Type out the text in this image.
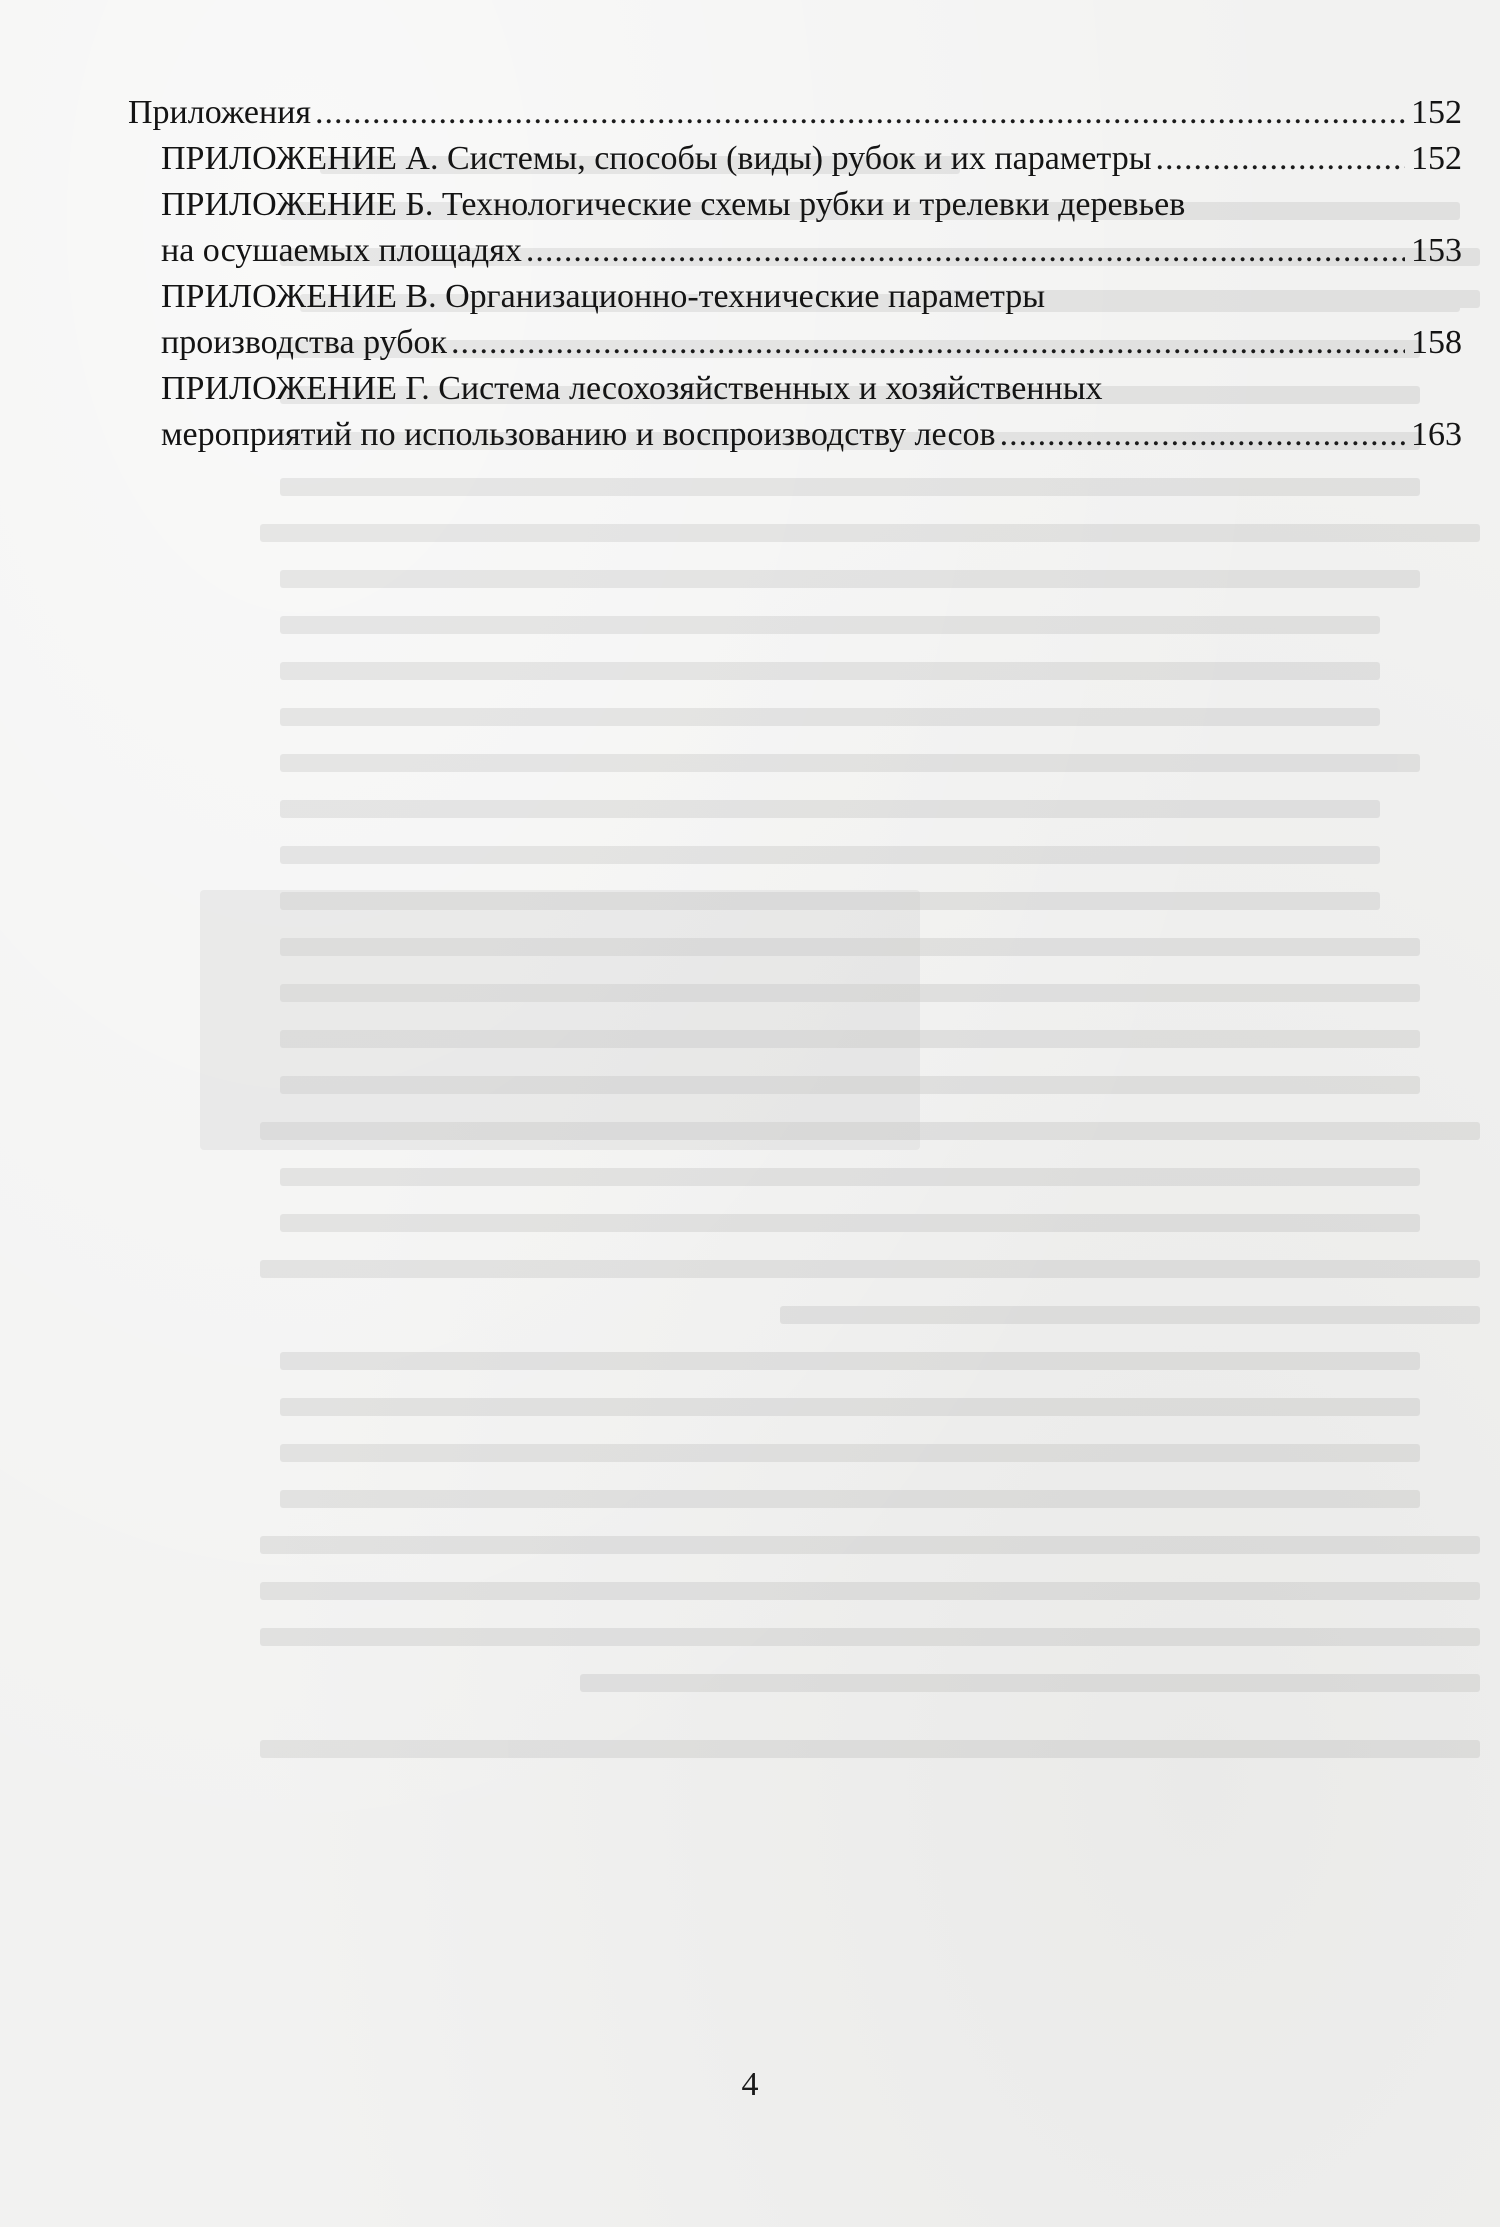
Приложения .....	152
ПРИЛОЖЕНИЕ А. Системы, способы (виды) рубок и их параметры .....	152
ПРИЛОЖЕНИЕ Б. Технологические схемы рубки и трелевки деревьев
на осушаемых площадях .....	153
ПРИЛОЖЕНИЕ В. Организационно-технические параметры
производства рубок .....	158
ПРИЛОЖЕНИЕ Г. Система лесохозяйственных и хозяйственных
мероприятий по использованию и воспроизводству лесов .....	163
4
